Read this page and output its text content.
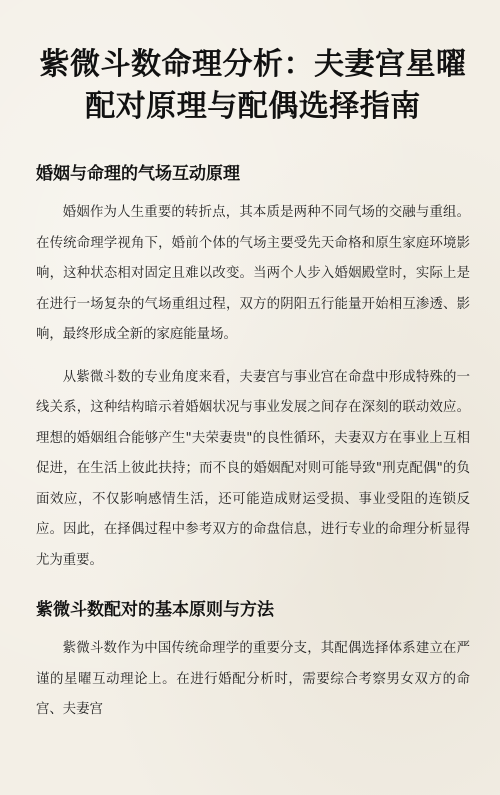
紫微斗数命理分析：夫妻宫星曜配对原理与配偶选择指南
婚姻与命理的气场互动原理

婚姻作为人生重要的转折点，其本质是两种不同气场的交融与重组。在传统命理学视角下，婚前个体的气场主要受先天命格和原生家庭环境影响，这种状态相对固定且难以改变。当两个人步入婚姻殿堂时，实际上是在进行一场复杂的气场重组过程，双方的阴阳五行能量开始相互渗透、影响，最终形成全新的家庭能量场。

从紫微斗数的专业角度来看，夫妻宫与事业宫在命盘中形成特殊的一线关系，这种结构暗示着婚姻状况与事业发展之间存在深刻的联动效应。理想的婚姻组合能够产生"夫荣妻贵"的良性循环，夫妻双方在事业上互相促进，在生活上彼此扶持；而不良的婚姻配对则可能导致"刑克配偶"的负面效应，不仅影响感情生活，还可能造成财运受损、事业受阻的连锁反应。因此，在择偶过程中参考双方的命盘信息，进行专业的命理分析显得尤为重要。

紫微斗数配对的基本原则与方法

紫微斗数作为中国传统命理学的重要分支，其配偶选择体系建立在严谨的星曜互动理论上。在进行婚配分析时，需要综合考察男女双方的命宫、夫妻宫
